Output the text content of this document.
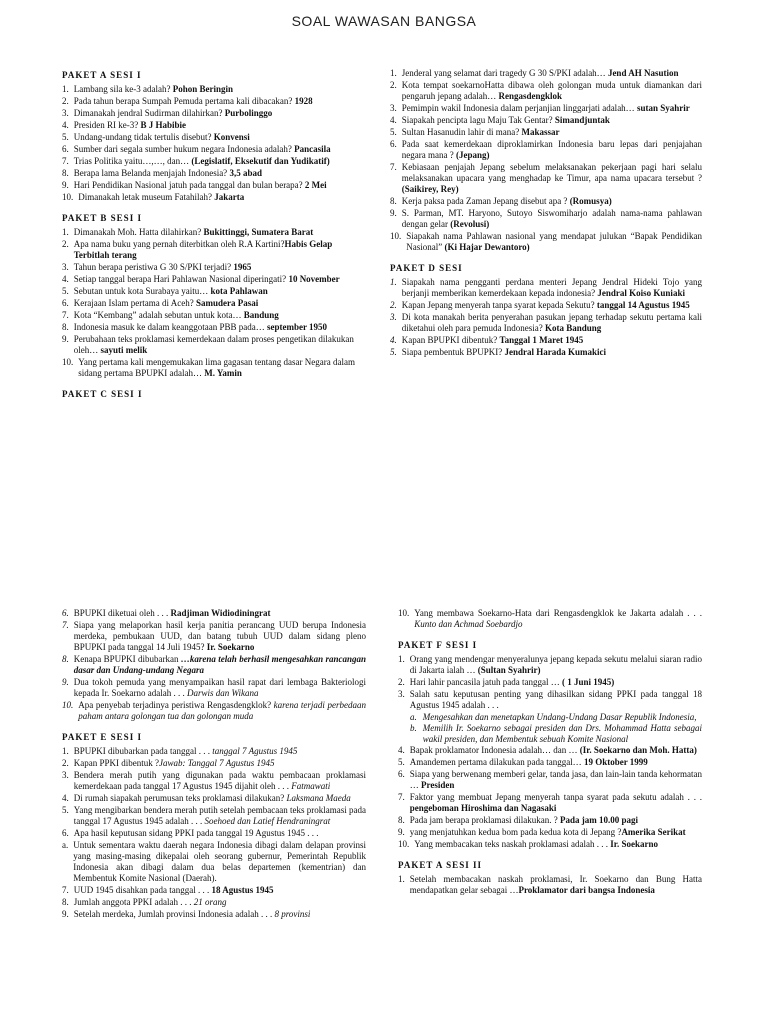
SOAL WAWASAN BANGSA
PAKET A SESI I
1. Lambang sila ke-3 adalah? Pohon Beringin
2. Pada tahun berapa Sumpah Pemuda pertama kali dibacakan? 1928
3. Dimanakah jendral Sudirman dilahirkan? Purbolinggo
4. Presiden RI ke-3? B J Habibie
5. Undang-undang tidak tertulis disebut? Konvensi
6. Sumber dari segala sumber hukum negara Indonesia adalah? Pancasila
7. Trias Politika yaitu…,…, dan… (Legislatif, Eksekutif dan Yudikatif)
8. Berapa lama Belanda menjajah Indonesia? 3,5 abad
9. Hari Pendidikan Nasional jatuh pada tanggal dan bulan berapa? 2 Mei
10. Dimanakah letak museum Fatahilah? Jakarta
PAKET B SESI I
1. Dimanakah Moh. Hatta dilahirkan? Bukittinggi, Sumatera Barat
2. Apa nama buku yang pernah diterbitkan oleh R.A Kartini?Habis Gelap Terbitlah terang
3. Tahun berapa peristiwa G 30 S/PKI terjadi? 1965
4. Setiap tanggal berapa Hari Pahlawan Nasional diperingati? 10 November
5. Sebutan untuk kota Surabaya yaitu… kota Pahlawan
6. Kerajaan Islam pertama di Aceh? Samudera Pasai
7. Kota “Kembang” adalah sebutan untuk kota… Bandung
8. Indonesia masuk ke dalam keanggotaan PBB pada… september 1950
9. Perubahaan teks proklamasi kemerdekaan dalam proses pengetikan dilakukan oleh… sayuti melik
10. Yang pertama kali mengemukakan lima gagasan tentang dasar Negara dalam sidang pertama BPUPKI adalah… M. Yamin
PAKET C SESI I
1. Jenderal yang selamat dari tragedy G 30 S/PKI adalah… Jend AH Nasution
2. Kota tempat soekarnoHatta dibawa oleh golongan muda untuk diamankan dari pengaruh jepang adalah… Rengasdengklok
3. Pemimpin wakil Indonesia dalam perjanjian linggarjati adalah… sutan Syahrir
4. Siapakah pencipta lagu Maju Tak Gentar? Simandjuntak
5. Sultan Hasanudin lahir di mana? Makassar
6. Pada saat kemerdekaan diproklamirkan Indonesia baru lepas dari penjajahan negara mana ? (Jepang)
7. Kebiasaan penjajah Jepang sebelum melaksanakan pekerjaan pagi hari selalu melaksanakan upacara yang menghadap ke Timur, apa nama upacara tersebut ? (Saikirey, Rey)
8. Kerja paksa pada Zaman Jepang disebut apa ? (Romusya)
9. S. Parman, MT. Haryono, Sutoyo Siswomiharjo adalah nama-nama pahlawan dengan gelar (Revolusi)
10. Siapakah nama Pahlawan nasional yang mendapat julukan “Bapak Pendidikan Nasional” (Ki Hajar Dewantoro)
PAKET D SESI
1. Siapakah nama pengganti perdana menteri Jepang Jendral Hideki Tojo yang berjanji memberikan kemerdekaan kepada indonesia? Jendral Koiso Kuniaki
2. Kapan Jepang menyerah tanpa syarat kepada Sekutu? tanggal 14 Agustus 1945
3. Di kota manakah berita penyerahan pasukan jepang terhadap sekutu pertama kali diketahui oleh para pemuda Indonesia? Kota Bandung
4. Kapan BPUPKI dibentuk? Tanggal 1 Maret 1945
5. Siapa pembentuk BPUPKI? Jendral Harada Kumakici
6. BPUPKI diketuai oleh . . . Radjiman Widiodiningrat
7. Siapa yang melaporkan hasil kerja panitia perancang UUD berupa Indonesia merdeka, pembukaan UUD, dan batang tubuh UUD dalam sidang pleno BPUPKI pada tanggal 14 Juli 1945? Ir. Soekarno
8. Kenapa BPUPKI dibubarkan …karena telah berhasil mengesahkan rancangan dasar dan Undang-undang Negara
9. Dua tokoh pemuda yang menyampaikan hasil rapat dari lembaga Bakteriologi kepada Ir. Soekarno adalah . . . Darwis dan Wikana
10. Apa penyebab terjadinya peristiwa Rengasdengklok? karena terjadi perbedaan paham antara golongan tua dan golongan muda
PAKET E SESI I
1. BPUPKI dibubarkan pada tanggal . . . tanggal 7 Agustus 1945
2. Kapan PPKI dibentuk ?Jawab: Tanggal 7 Agustus 1945
3. Bendera merah putih yang digunakan pada waktu pembacaan proklamasi kemerdekaan pada tanggal 17 Agustus 1945 dijahit oleh . . . Fatmawati
4. Di rumah siapakah perumusan teks proklamasi dilakukan? Laksmana Maeda
5. Yang mengibarkan bendera merah putih setelah pembacaan teks proklamasi pada tanggal 17 Agustus 1945 adalah . . . Soehoed dan Latief Hendraningrat
6. Apa hasil keputusan sidang PPKI pada tanggal 19 Agustus 1945 . . .
a. Untuk sementara waktu daerah negara Indonesia dibagi dalam delapan provinsi yang masing-masing dikepalai oleh seorang gubernur, Pemerintah Republik Indonesia akan dibagi dalam dua belas departemen (kementrian) dan Membentuk Komite Nasional (Daerah).
7. UUD 1945 disahkan pada tanggal . . . 18 Agustus 1945
8. Jumlah anggota PPKI adalah . . . 21 orang
9. Setelah merdeka, Jumlah provinsi Indonesia adalah . . . 8 provinsi
10. Yang membawa Soekarno-Hata dari Rengasdengklok ke Jakarta adalah . . . Kunto dan Achmad Soebardjo
PAKET F SESI I
1. Orang yang mendengar menyeralunya jepang kepada sekutu melalui siaran radio di Jakarta ialah … (Sultan Syahrir)
2. Hari lahir pancasila jatuh pada tanggal … ( 1 Juni 1945)
3. Salah satu keputusan penting yang dihasilkan sidang PPKI pada tanggal 18 Agustus 1945 adalah . . .
a. Mengesahkan dan menetapkan Undang-Undang Dasar Republik Indonesia,
b. Memilih Ir. Soekarno sebagai presiden dan Drs. Mohammad Hatta sebagai wakil presiden, dan Membentuk sebuah Komite Nasional
4. Bapak proklamator Indonesia adalah… dan … (Ir. Soekarno dan Moh. Hatta)
5. Amandemen pertama dilakukan pada tanggal… 19 Oktober 1999
6. Siapa yang berwenang memberi gelar, tanda jasa, dan lain-lain tanda kehormatan … Presiden
7. Faktor yang membuat Jepang menyerah tanpa syarat pada sekutu adalah . . . pengeboman Hiroshima dan Nagasaki
8. Pada jam berapa proklamasi dilakukan. ? Pada jam 10.00 pagi
9. yang menjatuhkan kedua bom pada kedua kota di Jepang ?Amerika Serikat
10. Yang membacakan teks naskah proklamasi adalah . . . Ir. Soekarno
PAKET A SESI II
1. Setelah membacakan naskah proklamasi, Ir. Soekarno dan Bung Hatta mendapatkan gelar sebagai …Proklamator dari bangsa Indonesia
